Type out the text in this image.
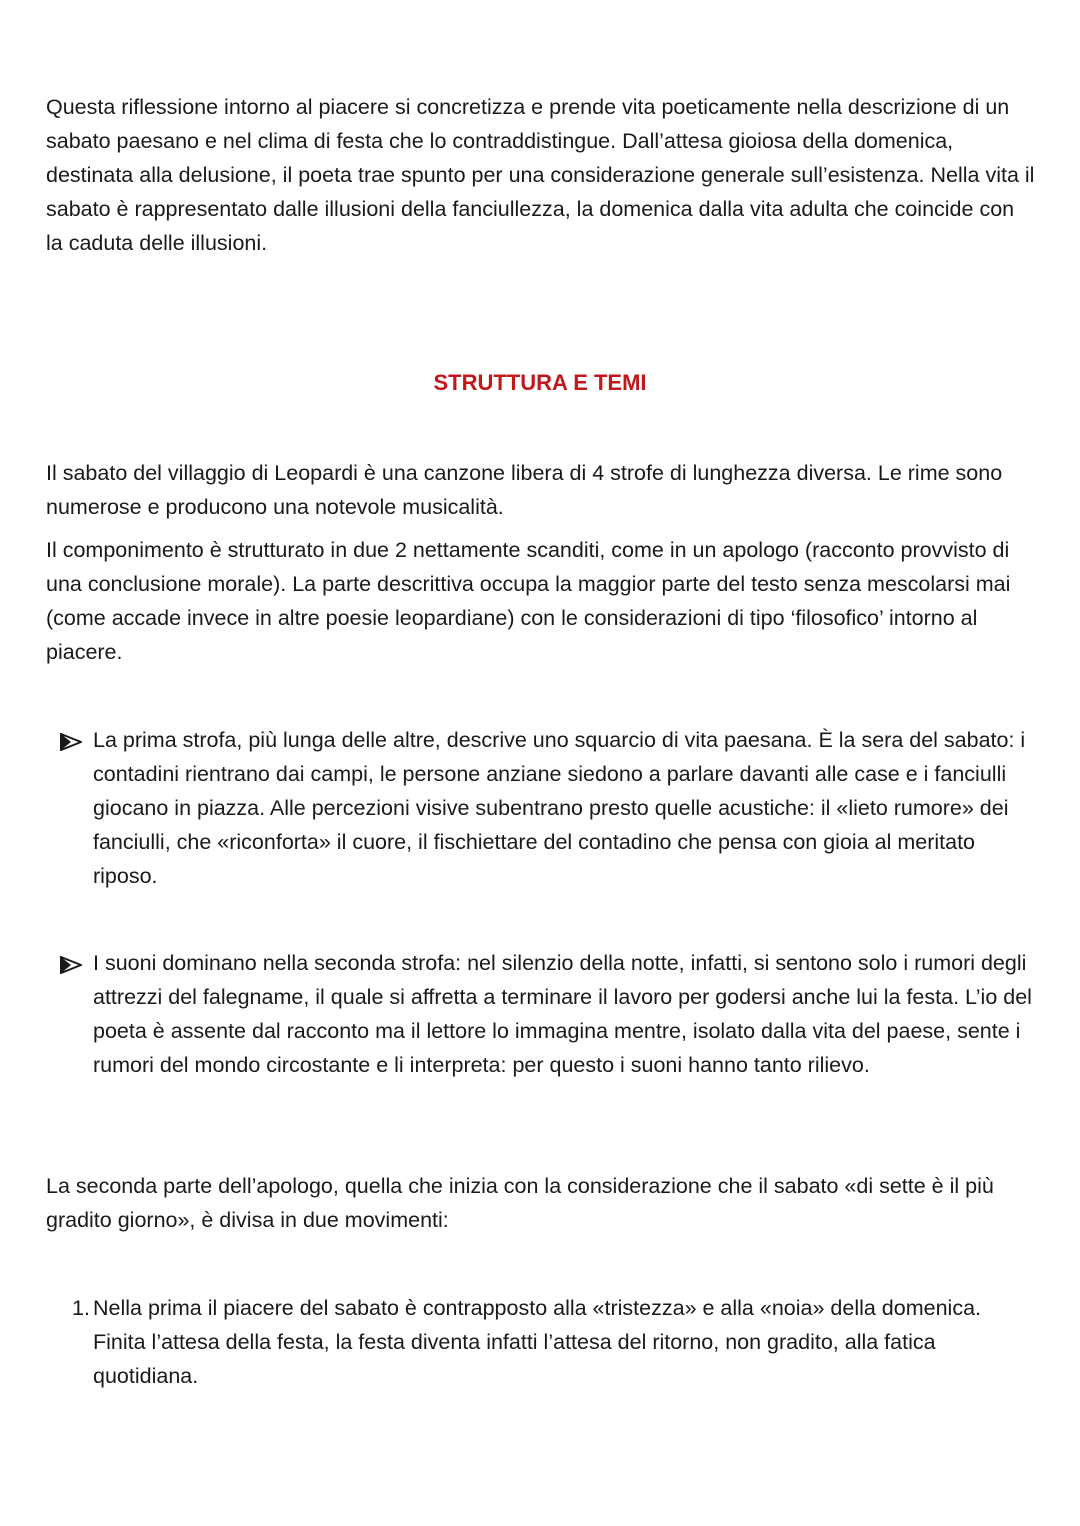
Questa riflessione intorno al piacere si concretizza e prende vita poeticamente nella descrizione di un sabato paesano e nel clima di festa che lo contraddistingue. Dall’attesa gioiosa della domenica, destinata alla delusione, il poeta trae spunto per una considerazione generale sull’esistenza. Nella vita il sabato è rappresentato dalle illusioni della fanciullezza, la domenica dalla vita adulta che coincide con la caduta delle illusioni.

STRUTTURA E TEMI

Il sabato del villaggio di Leopardi è una canzone libera di 4 strofe di lunghezza diversa. Le rime sono numerose e producono una notevole musicalità.

Il componimento è strutturato in due 2 nettamente scanditi, come in un apologo (racconto provvisto di una conclusione morale). La parte descrittiva occupa la maggior parte del testo senza mescolarsi mai (come accade invece in altre poesie leopardiane) con le considerazioni di tipo ‘filosofico’ intorno al piacere.

La prima strofa, più lunga delle altre, descrive uno squarcio di vita paesana. È la sera del sabato: i contadini rientrano dai campi, le persone anziane siedono a parlare davanti alle case e i fanciulli giocano in piazza. Alle percezioni visive subentrano presto quelle acustiche: il «lieto rumore» dei fanciulli, che «riconforta» il cuore, il fischiettare del contadino che pensa con gioia al meritato riposo.

I suoni dominano nella seconda strofa: nel silenzio della notte, infatti, si sentono solo i rumori degli attrezzi del falegname, il quale si affretta a terminare il lavoro per godersi anche lui la festa. L’io del poeta è assente dal racconto ma il lettore lo immagina mentre, isolato dalla vita del paese, sente i rumori del mondo circostante e li interpreta: per questo i suoni hanno tanto rilievo.

La seconda parte dell’apologo, quella che inizia con la considerazione che il sabato «di sette è il più gradito giorno», è divisa in due movimenti:

1. Nella prima il piacere del sabato è contrapposto alla «tristezza» e alla «noia» della domenica. Finita l’attesa della festa, la festa diventa infatti l’attesa del ritorno, non gradito, alla fatica quotidiana.
